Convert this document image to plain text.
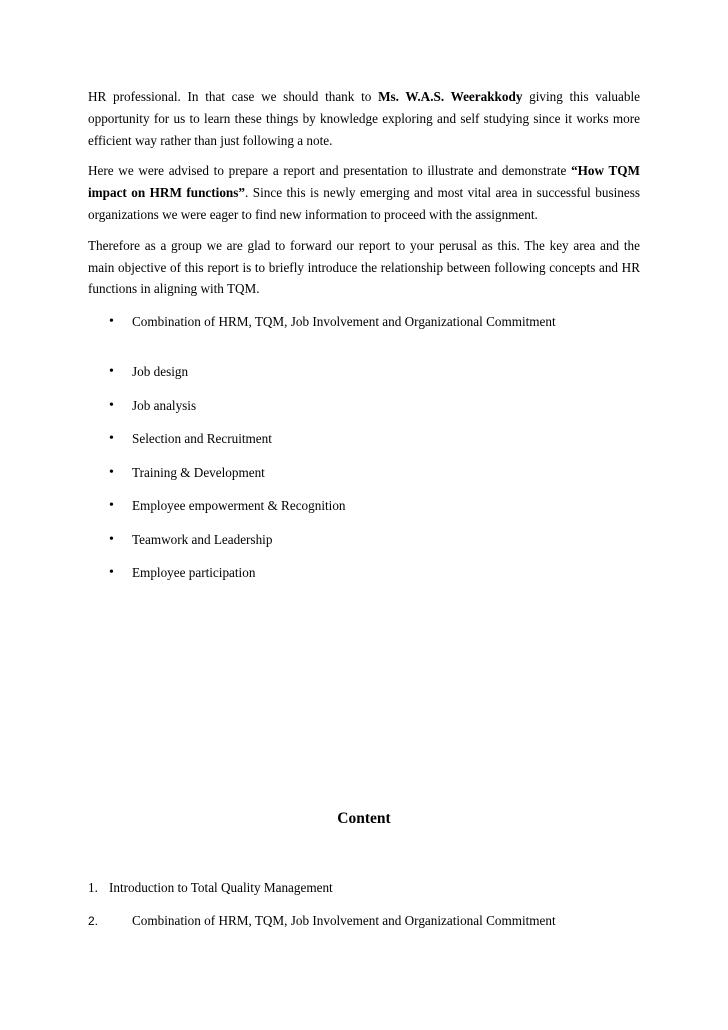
HR professional. In that case we should thank to Ms. W.A.S. Weerakkody giving this valuable opportunity for us to learn these things by knowledge exploring and self studying since it works more efficient way rather than just following a note.

Here we were advised to prepare a report and presentation to illustrate and demonstrate “How TQM impact on HRM functions”. Since this is newly emerging and most vital area in successful business organizations we were eager to find new information to proceed with the assignment.

Therefore as a group we are glad to forward our report to your perusal as this. The key area and the main objective of this report is to briefly introduce the relationship between following concepts and HR functions in aligning with TQM.

• Combination of HRM, TQM, Job Involvement and Organizational Commitment
• Job design
• Job analysis
• Selection and Recruitment
• Training & Development
• Employee empowerment & Recognition
• Teamwork and Leadership
• Employee participation
Content
1. Introduction to Total Quality Management
2.	Combination of HRM, TQM, Job Involvement and Organizational Commitment
